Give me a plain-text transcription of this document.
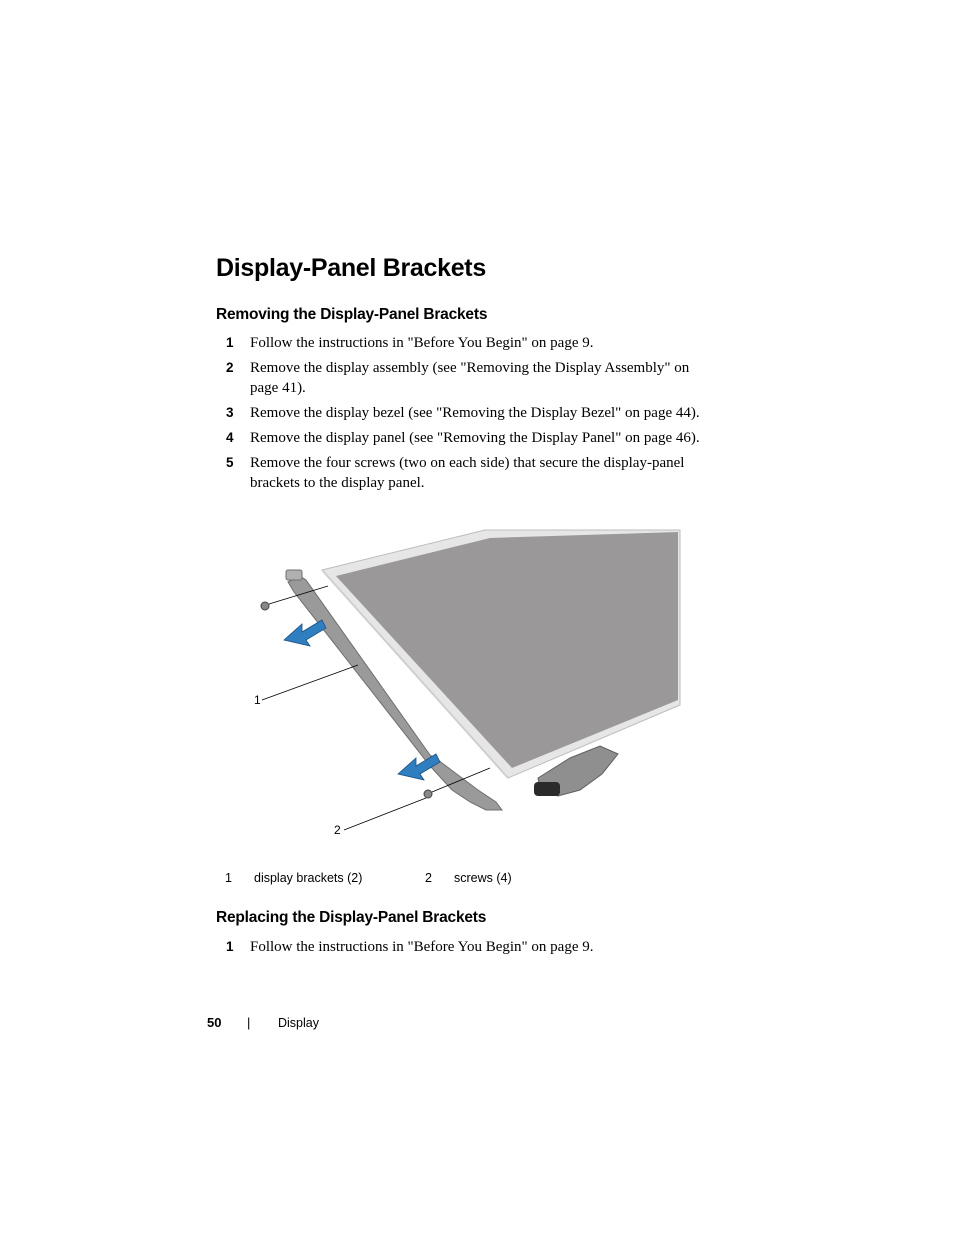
Display-Panel Brackets
Removing the Display-Panel Brackets
1 Follow the instructions in "Before You Begin" on page 9.
2 Remove the display assembly (see "Removing the Display Assembly" on page 41).
3 Remove the display bezel (see "Removing the Display Bezel" on page 44).
4 Remove the display panel (see "Removing the Display Panel" on page 46).
5 Remove the four screws (two on each side) that secure the display-panel brackets to the display panel.
1
2
1 display brackets (2)	2 screws (4)
Replacing the Display-Panel Brackets
1 Follow the instructions in "Before You Begin" on page 9.
50 | Display
